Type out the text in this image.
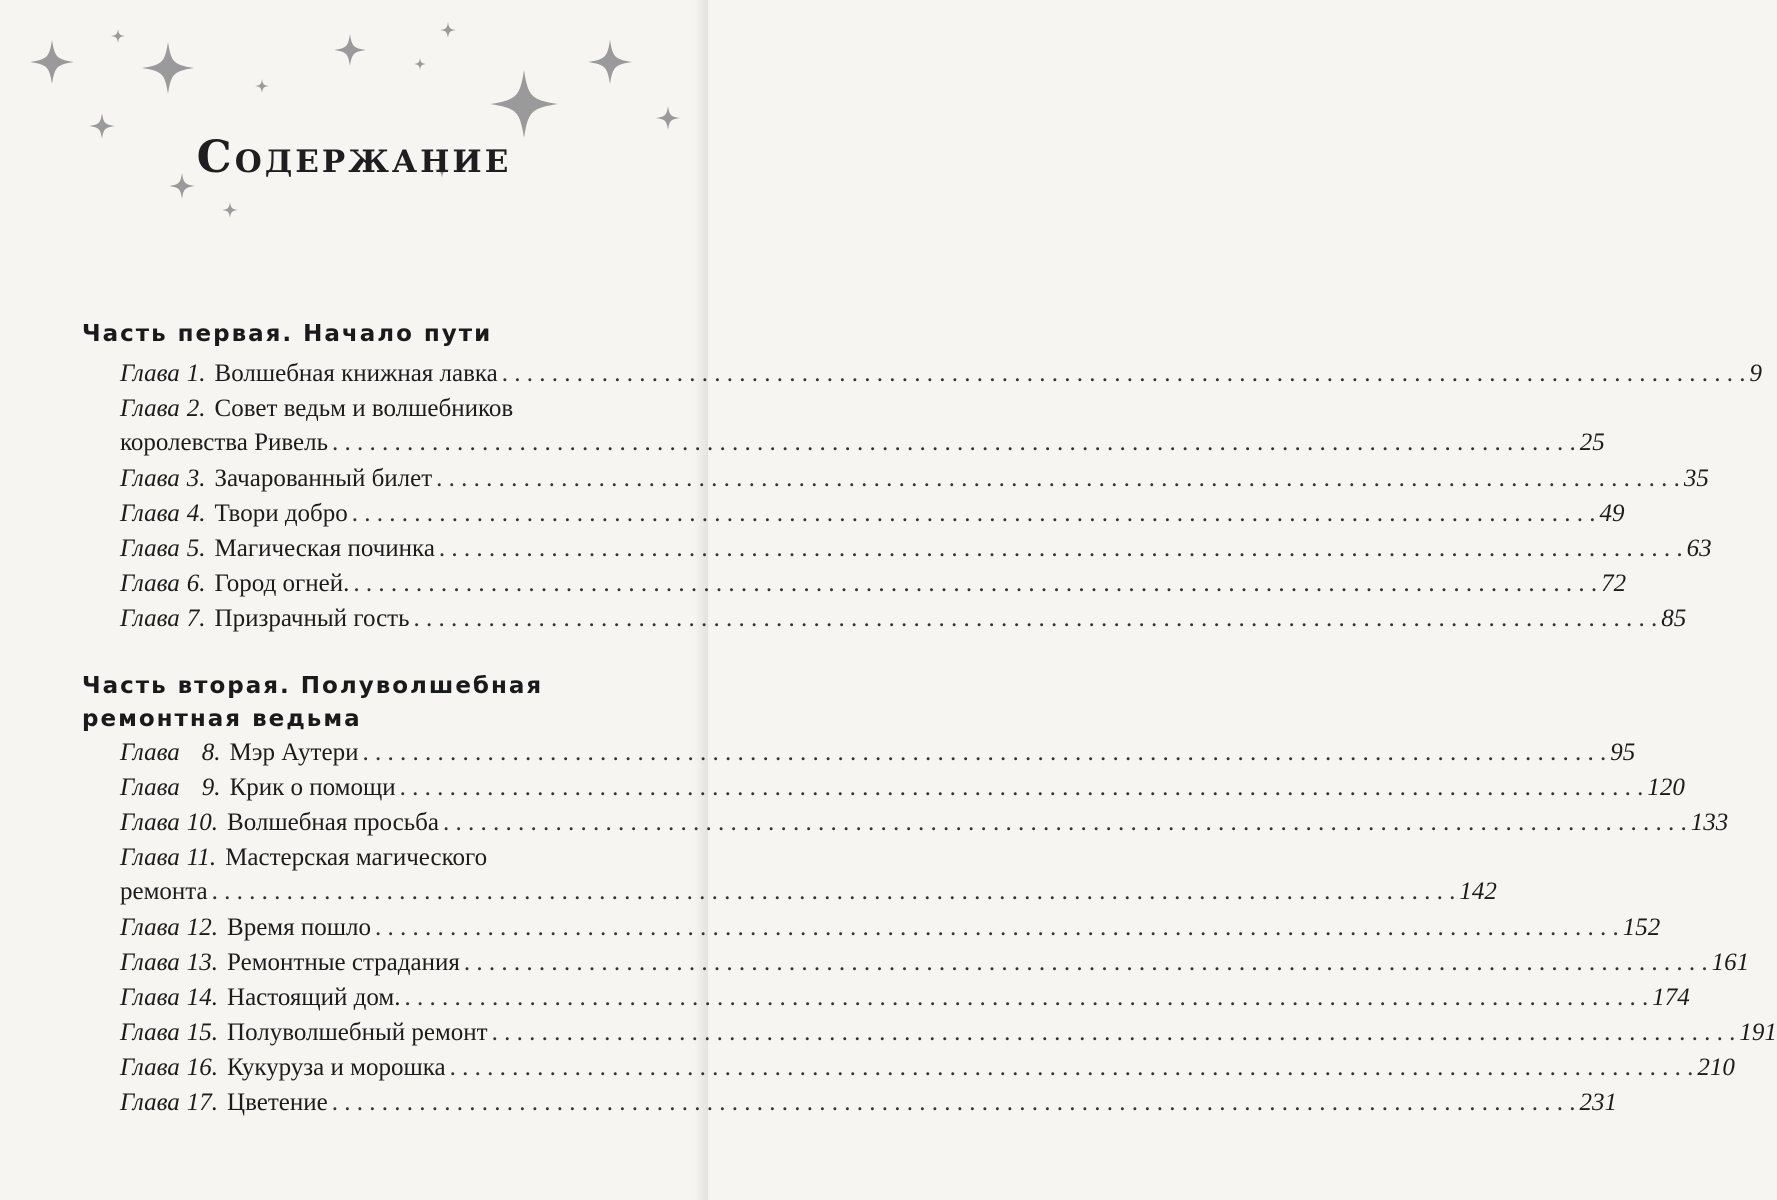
Содержание
Часть первая. Начало пути
Часть вторая. Полуволшебная ремонтная ведьма
Глава 1. Волшебная книжная лавка . . .	9
Глава 2. Совет ведьм и волшебников
королевства Ривель . . .	25
Глава 3. Зачарованный билет . . .	35
Глава 4. Твори добро . . .	49
Глава 5. Магическая починка . . .	63
Глава 6. Город огней. . . .	72
Глава 7. Призрачный гость . . .	85
Глава 8. Мэр Аутери . . .	95
Глава 9. Крик о помощи . . .	120
Глава 10. Волшебная просьба . . .	133
Глава 11. Мастерская магического
ремонта . . .	142
Глава 12. Время пошло . . .	152
Глава 13. Ремонтные страдания . . .	161
Глава 14. Настоящий дом. . . .	174
Глава 15. Полуволшебный ремонт . . .	191
Глава 16. Кукуруза и морошка . . .	210
Глава 17. Цветение . . .	231
